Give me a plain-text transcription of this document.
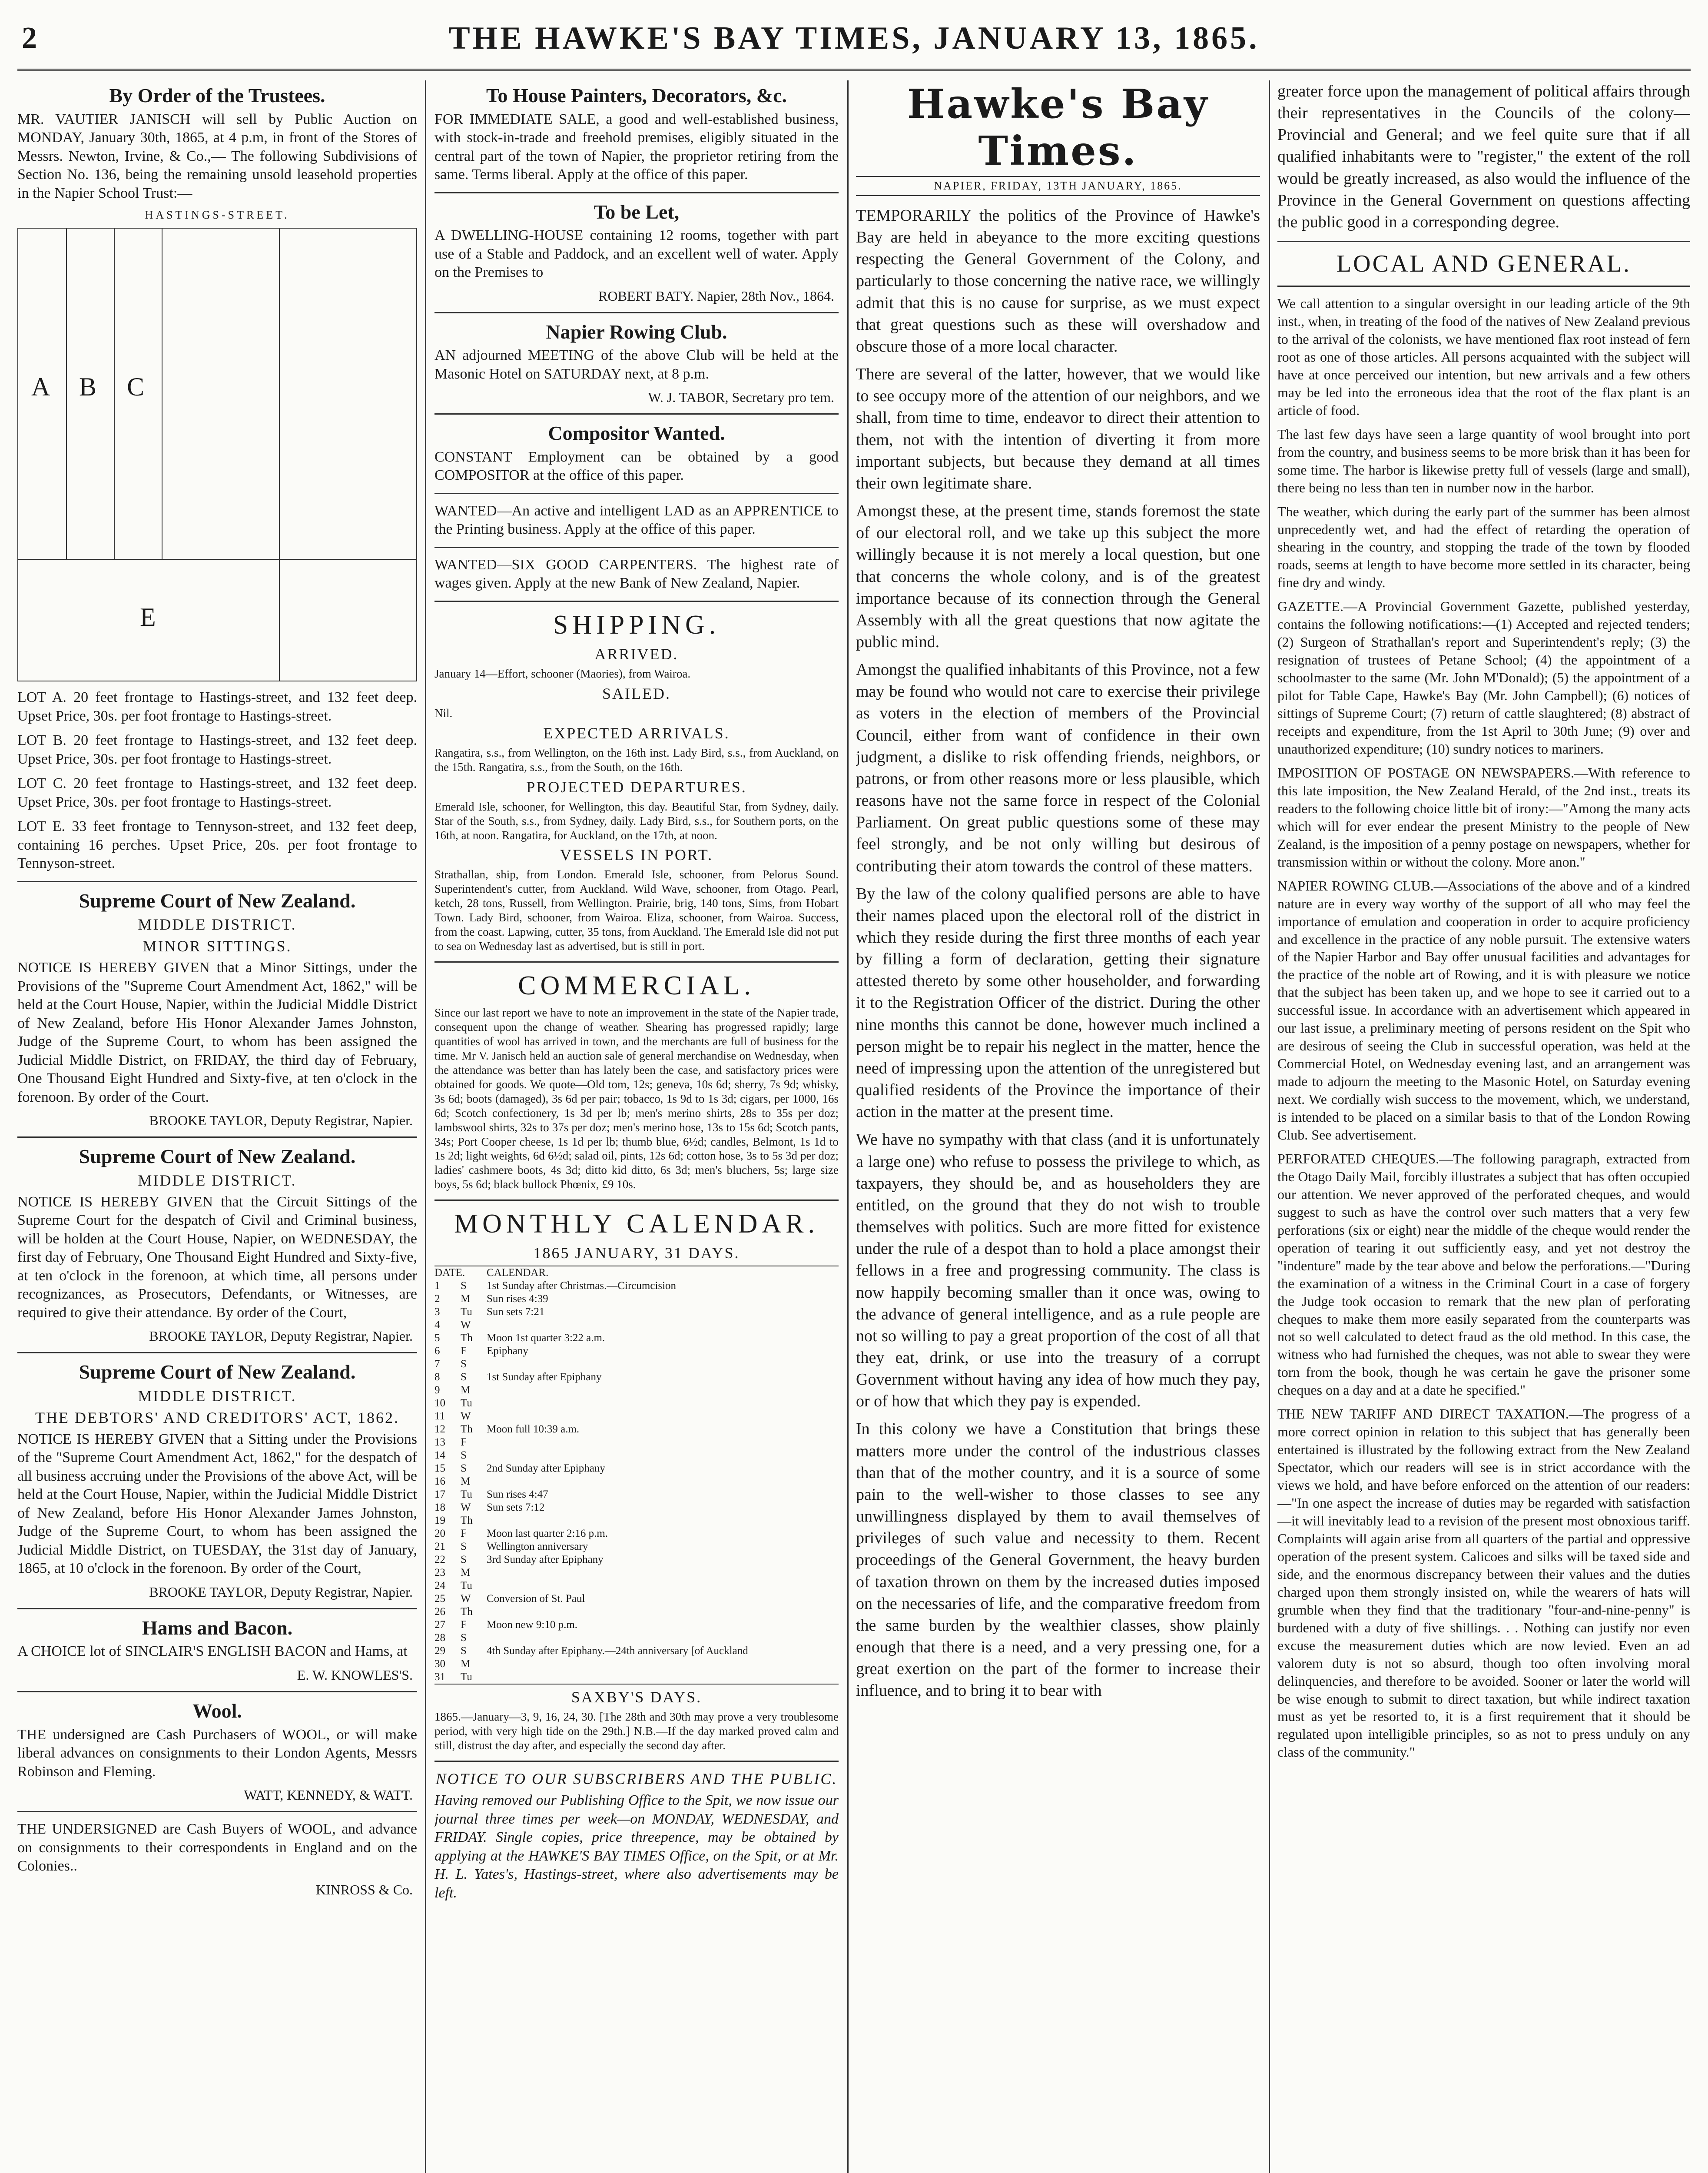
2	THE HAWKE'S BAY TIMES, JANUARY 13, 1865.
By Order of the Trustees.

MR. VAUTIER JANISCH will sell by Public Auction on MONDAY, January 30th, 1865, at 4 p.m, in front of the Stores of Messrs. Newton, Irvine, & Co.,— The following Subdivisions of Section No. 136, being the remaining unsold leasehold properties in the Napier School Trust:—

HASTINGS-STREET.
A B C
E

LOT A. 20 feet frontage to Hastings-street, and 132 feet deep. Upset Price, 30s. per foot frontage to Hastings-street.

LOT B. 20 feet frontage to Hastings-street, and 132 feet deep. Upset Price, 30s. per foot frontage to Hastings-street.

LOT C. 20 feet frontage to Hastings-street, and 132 feet deep. Upset Price, 30s. per foot frontage to Hastings-street.

LOT E. 33 feet frontage to Tennyson-street, and 132 feet deep, containing 16 perches. Upset Price, 20s. per foot frontage to Tennyson-street.

Supreme Court of New Zealand.
MIDDLE DISTRICT.
MINOR SITTINGS.

NOTICE IS HEREBY GIVEN that a Minor Sittings, under the Provisions of the "Supreme Court Amendment Act, 1862," will be held at the Court House, Napier, within the Judicial Middle District of New Zealand, before His Honor Alexander James Johnston, Judge of the Supreme Court, to whom has been assigned the Judicial Middle District, on FRIDAY, the third day of February, One Thousand Eight Hundred and Sixty-five, at ten o'clock in the forenoon. By order of the Court.

BROOKE TAYLOR, Deputy Registrar, Napier.
Supreme Court of New Zealand.
MIDDLE DISTRICT.

NOTICE IS HEREBY GIVEN that the Circuit Sittings of the Supreme Court for the despatch of Civil and Criminal business, will be holden at the Court House, Napier, on WEDNESDAY, the first day of February, One Thousand Eight Hundred and Sixty-five, at ten o'clock in the forenoon, at which time, all persons under recognizances, as Prosecutors, Defendants, or Witnesses, are required to give their attendance. By order of the Court,

BROOKE TAYLOR, Deputy Registrar, Napier.
Supreme Court of New Zealand.
MIDDLE DISTRICT.
THE DEBTORS' AND CREDITORS' ACT, 1862.

NOTICE IS HEREBY GIVEN that a Sitting under the Provisions of the "Supreme Court Amendment Act, 1862," for the despatch of all business accruing under the Provisions of the above Act, will be held at the Court House, Napier, within the Judicial Middle District of New Zealand, before His Honor Alexander James Johnston, Judge of the Supreme Court, to whom has been assigned the Judicial Middle District, on TUESDAY, the 31st day of January, 1865, at 10 o'clock in the forenoon. By order of the Court,

BROOKE TAYLOR, Deputy Registrar, Napier.
Hams and Bacon.

A CHOICE lot of SINCLAIR'S ENGLISH BACON and Hams, at

E. W. KNOWLES'S.
Wool.

THE undersigned are Cash Purchasers of WOOL, or will make liberal advances on consignments to their London Agents, Messrs Robinson and Fleming.

WATT, KENNEDY, & WATT.

THE UNDERSIGNED are Cash Buyers of WOOL, and advance on consignments to their correspondents in England and on the Colonies..

KINROSS & Co.
To House Painters, Decorators, &c.

FOR IMMEDIATE SALE, a good and well-established business, with stock-in-trade and freehold premises, eligibly situated in the central part of the town of Napier, the proprietor retiring from the same. Terms liberal. Apply at the office of this paper.

To be Let,

A DWELLING-HOUSE containing 12 rooms, together with part use of a Stable and Paddock, and an excellent well of water. Apply on the Premises to

ROBERT BATY. Napier, 28th Nov., 1864.
Napier Rowing Club.

AN adjourned MEETING of the above Club will be held at the Masonic Hotel on SATURDAY next, at 8 p.m.

W. J. TABOR, Secretary pro tem.
Compositor Wanted.

CONSTANT Employment can be obtained by a good COMPOSITOR at the office of this paper.

WANTED—An active and intelligent LAD as an APPRENTICE to the Printing business. Apply at the office of this paper.

WANTED—SIX GOOD CARPENTERS. The highest rate of wages given. Apply at the new Bank of New Zealand, Napier.

SHIPPING.
ARRIVED.

January 14—Effort, schooner (Maories), from Wairoa.

SAILED.

Nil.

EXPECTED ARRIVALS.

Rangatira, s.s., from Wellington, on the 16th inst. Lady Bird, s.s., from Auckland, on the 15th. Rangatira, s.s., from the South, on the 16th.

PROJECTED DEPARTURES.

Emerald Isle, schooner, for Wellington, this day. Beautiful Star, from Sydney, daily. Star of the South, s.s., from Sydney, daily. Lady Bird, s.s., for Southern ports, on the 16th, at noon. Rangatira, for Auckland, on the 17th, at noon.

VESSELS IN PORT.

Strathallan, ship, from London. Emerald Isle, schooner, from Pelorus Sound. Superintendent's cutter, from Auckland. Wild Wave, schooner, from Otago. Pearl, ketch, 28 tons, Russell, from Wellington. Prairie, brig, 140 tons, Sims, from Hobart Town. Lady Bird, schooner, from Wairoa. Eliza, schooner, from Wairoa. Success, from the coast. Lapwing, cutter, 35 tons, from Auckland. The Emerald Isle did not put to sea on Wednesday last as advertised, but is still in port.

COMMERCIAL.

Since our last report we have to note an improvement in the state of the Napier trade, consequent upon the change of weather. Shearing has progressed rapidly; large quantities of wool has arrived in town, and the merchants are full of business for the time. Mr V. Janisch held an auction sale of general merchandise on Wednesday, when the attendance was better than has lately been the case, and satisfactory prices were obtained for goods. We quote—Old tom, 12s; geneva, 10s 6d; sherry, 7s 9d; whisky, 3s 6d; boots (damaged), 3s 6d per pair; tobacco, 1s 9d to 1s 3d; cigars, per 1000, 16s 6d; Scotch confectionery, 1s 3d per lb; men's merino shirts, 28s to 35s per doz; lambswool shirts, 32s to 37s per doz; men's merino hose, 13s to 15s 6d; Scotch pants, 34s; Port Cooper cheese, 1s 1d per lb; thumb blue, 6½d; candles, Belmont, 1s 1d to 1s 2d; light weights, 6d 6½d; salad oil, pints, 12s 6d; cotton hose, 3s to 5s 3d per doz; ladies' cashmere boots, 4s 3d; ditto kid ditto, 6s 3d; men's bluchers, 5s; large size boys, 5s 6d; black bullock Phœnix, £9 10s.

MONTHLY CALENDAR.
1865 JANUARY, 31 DAYS.
DATE.	CALENDAR.
1	S	1st Sunday after Christmas.—Circumcision
2	M	Sun rises 4:39
3	Tu	Sun sets 7:21
4	W
5	Th	Moon 1st quarter 3:22 a.m.
6	F	Epiphany
7	S
8	S	1st Sunday after Epiphany
9	M
10	Tu
11	W
12	Th	Moon full 10:39 a.m.
13	F
14	S
15	S	2nd Sunday after Epiphany
16	M
17	Tu	Sun rises 4:47
18	W	Sun sets 7:12
19	Th
20	F	Moon last quarter 2:16 p.m.
21	S	Wellington anniversary
22	S	3rd Sunday after Epiphany
23	M
24	Tu
25	W	Conversion of St. Paul
26	Th
27	F	Moon new 9:10 p.m.
28	S
29	S	4th Sunday after Epiphany.—24th anniversary [of Auckland
30	M
31	Tu
SAXBY'S DAYS.

1865.—January—3, 9, 16, 24, 30. [The 28th and 30th may prove a very troublesome period, with very high tide on the 29th.] N.B.—If the day marked proved calm and still, distrust the day after, and especially the second day after.

NOTICE TO OUR SUBSCRIBERS AND THE PUBLIC.

Having removed our Publishing Office to the Spit, we now issue our journal three times per week—on MONDAY, WEDNESDAY, and FRIDAY. Single copies, price threepence, may be obtained by applying at the HAWKE'S BAY TIMES Office, on the Spit, or at Mr. H. L. Yates's, Hastings-street, where also advertisements may be left.

Hawke's Bay Times.
NAPIER, FRIDAY, 13TH JANUARY, 1865.

TEMPORARILY the politics of the Province of Hawke's Bay are held in abeyance to the more exciting questions respecting the General Government of the Colony, and particularly to those concerning the native race, we willingly admit that this is no cause for surprise, as we must expect that great questions such as these will overshadow and obscure those of a more local character.

There are several of the latter, however, that we would like to see occupy more of the attention of our neighbors, and we shall, from time to time, endeavor to direct their attention to them, not with the intention of diverting it from more important subjects, but because they demand at all times their own legitimate share.

Amongst these, at the present time, stands foremost the state of our electoral roll, and we take up this subject the more willingly because it is not merely a local question, but one that concerns the whole colony, and is of the greatest importance because of its connection through the General Assembly with all the great questions that now agitate the public mind.

Amongst the qualified inhabitants of this Province, not a few may be found who would not care to exercise their privilege as voters in the election of members of the Provincial Council, either from want of confidence in their own judgment, a dislike to risk offending friends, neighbors, or patrons, or from other reasons more or less plausible, which reasons have not the same force in respect of the Colonial Parliament. On great public questions some of these may feel strongly, and be not only willing but desirous of contributing their atom towards the control of these matters.

By the law of the colony qualified persons are able to have their names placed upon the electoral roll of the district in which they reside during the first three months of each year by filling a form of declaration, getting their signature attested thereto by some other householder, and forwarding it to the Registration Officer of the district. During the other nine months this cannot be done, however much inclined a person might be to repair his neglect in the matter, hence the need of impressing upon the attention of the unregistered but qualified residents of the Province the importance of their action in the matter at the present time.

We have no sympathy with that class (and it is unfortunately a large one) who refuse to possess the privilege to which, as taxpayers, they should be, and as householders they are entitled, on the ground that they do not wish to trouble themselves with politics. Such are more fitted for existence under the rule of a despot than to hold a place amongst their fellows in a free and progressing community. The class is now happily becoming smaller than it once was, owing to the advance of general intelligence, and as a rule people are not so willing to pay a great proportion of the cost of all that they eat, drink, or use into the treasury of a corrupt Government without having any idea of how much they pay, or of how that which they pay is expended.

In this colony we have a Constitution that brings these matters more under the control of the industrious classes than that of the mother country, and it is a source of some pain to the well-wisher to those classes to see any unwillingness displayed by them to avail themselves of privileges of such value and necessity to them. Recent proceedings of the General Government, the heavy burden of taxation thrown on them by the increased duties imposed on the necessaries of life, and the comparative freedom from the same burden by the wealthier classes, show plainly enough that there is a need, and a very pressing one, for a great exertion on the part of the former to increase their influence, and to bring it to bear with

greater force upon the management of political affairs through their representatives in the Councils of the colony—Provincial and General; and we feel quite sure that if all qualified inhabitants were to "register," the extent of the roll would be greatly increased, as also would the influence of the Province in the General Government on questions affecting the public good in a corresponding degree.

LOCAL AND GENERAL.

We call attention to a singular oversight in our leading article of the 9th inst., when, in treating of the food of the natives of New Zealand previous to the arrival of the colonists, we have mentioned flax root instead of fern root as one of those articles. All persons acquainted with the subject will have at once perceived our intention, but new arrivals and a few others may be led into the erroneous idea that the root of the flax plant is an article of food.

The last few days have seen a large quantity of wool brought into port from the country, and business seems to be more brisk than it has been for some time. The harbor is likewise pretty full of vessels (large and small), there being no less than ten in number now in the harbor.

The weather, which during the early part of the summer has been almost unprecedently wet, and had the effect of retarding the operation of shearing in the country, and stopping the trade of the town by flooded roads, seems at length to have become more settled in its character, being fine dry and windy.

GAZETTE.—A Provincial Government Gazette, published yesterday, contains the following notifications:—(1) Accepted and rejected tenders; (2) Surgeon of Strathallan's report and Superintendent's reply; (3) the resignation of trustees of Petane School; (4) the appointment of a schoolmaster to the same (Mr. John M'Donald); (5) the appointment of a pilot for Table Cape, Hawke's Bay (Mr. John Campbell); (6) notices of sittings of Supreme Court; (7) return of cattle slaughtered; (8) abstract of receipts and expenditure, from the 1st April to 30th June; (9) over and unauthorized expenditure; (10) sundry notices to mariners.

IMPOSITION OF POSTAGE ON NEWSPAPERS.—With reference to this late imposition, the New Zealand Herald, of the 2nd inst., treats its readers to the following choice little bit of irony:—"Among the many acts which will for ever endear the present Ministry to the people of New Zealand, is the imposition of a penny postage on newspapers, whether for transmission within or without the colony. More anon."

NAPIER ROWING CLUB.—Associations of the above and of a kindred nature are in every way worthy of the support of all who may feel the importance of emulation and cooperation in order to acquire proficiency and excellence in the practice of any noble pursuit. The extensive waters of the Napier Harbor and Bay offer unusual facilities and advantages for the practice of the noble art of Rowing, and it is with pleasure we notice that the subject has been taken up, and we hope to see it carried out to a successful issue. In accordance with an advertisement which appeared in our last issue, a preliminary meeting of persons resident on the Spit who are desirous of seeing the Club in successful operation, was held at the Commercial Hotel, on Wednesday evening last, and an arrangement was made to adjourn the meeting to the Masonic Hotel, on Saturday evening next. We cordially wish success to the movement, which, we understand, is intended to be placed on a similar basis to that of the London Rowing Club. See advertisement.

PERFORATED CHEQUES.—The following paragraph, extracted from the Otago Daily Mail, forcibly illustrates a subject that has often occupied our attention. We never approved of the perforated cheques, and would suggest to such as have the control over such matters that a very few perforations (six or eight) near the middle of the cheque would render the operation of tearing it out sufficiently easy, and yet not destroy the "indenture" made by the tear above and below the perforations.—"During the examination of a witness in the Criminal Court in a case of forgery the Judge took occasion to remark that the new plan of perforating cheques to make them more easily separated from the counterparts was not so well calculated to detect fraud as the old method. In this case, the witness who had furnished the cheques, was not able to swear they were torn from the book, though he was certain he gave the prisoner some cheques on a day and at a date he specified."

THE NEW TARIFF AND DIRECT TAXATION.—The progress of a more correct opinion in relation to this subject that has generally been entertained is illustrated by the following extract from the New Zealand Spectator, which our readers will see is in strict accordance with the views we hold, and have before enforced on the attention of our readers:—"In one aspect the increase of duties may be regarded with satisfaction—it will inevitably lead to a revision of the present most obnoxious tariff. Complaints will again arise from all quarters of the partial and oppressive operation of the present system. Calicoes and silks will be taxed side and side, and the enormous discrepancy between their values and the duties charged upon them strongly insisted on, while the wearers of hats will grumble when they find that the traditionary "four-and-nine-penny" is burdened with a duty of five shillings. . . Nothing can justify nor even excuse the measurement duties which are now levied. Even an ad valorem duty is not so absurd, though too often involving moral delinquencies, and therefore to be avoided. Sooner or later the world will be wise enough to submit to direct taxation, but while indirect taxation must as yet be resorted to, it is a first requirement that it should be regulated upon intelligible principles, so as not to press unduly on any class of the community."
